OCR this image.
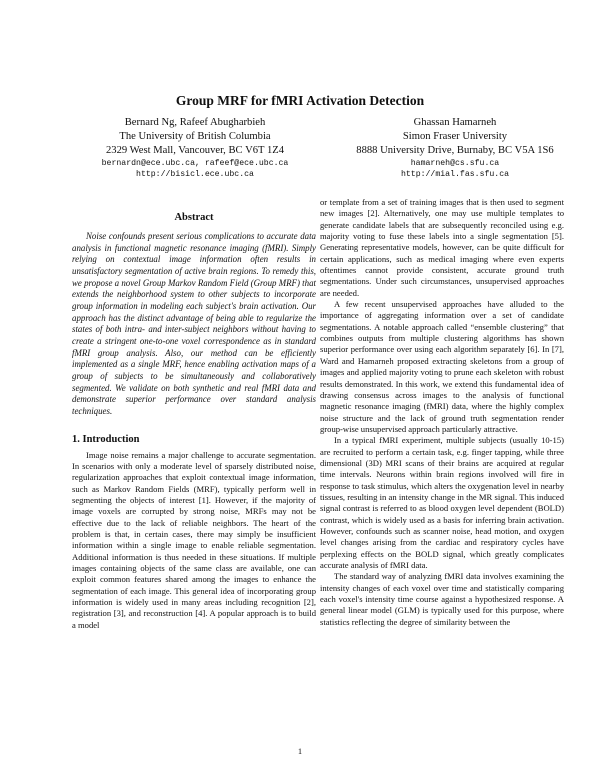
Group MRF for fMRI Activation Detection
Bernard Ng, Rafeef Abugharbieh
The University of British Columbia
2329 West Mall, Vancouver, BC V6T 1Z4
bernardn@ece.ubc.ca, rafeef@ece.ubc.ca
http://bisicl.ece.ubc.ca
Ghassan Hamarneh
Simon Fraser University
8888 University Drive, Burnaby, BC V5A 1S6
hamarneh@cs.sfu.ca
http://mial.fas.sfu.ca
Abstract

Noise confounds present serious complications to accurate data analysis in functional magnetic resonance imaging (fMRI). Simply relying on contextual image information often results in unsatisfactory segmentation of active brain regions. To remedy this, we propose a novel Group Markov Random Field (Group MRF) that extends the neighborhood system to other subjects to incorporate group information in modeling each subject's brain activation. Our approach has the distinct advantage of being able to regularize the states of both intra- and inter-subject neighbors without having to create a stringent one-to-one voxel correspondence as in standard fMRI group analysis. Also, our method can be efficiently implemented as a single MRF, hence enabling activation maps of a group of subjects to be simultaneously and collaboratively segmented. We validate on both synthetic and real fMRI data and demonstrate superior performance over standard analysis techniques.

1. Introduction

Image noise remains a major challenge to accurate segmentation. In scenarios with only a moderate level of sparsely distributed noise, regularization approaches that exploit contextual image information, such as Markov Random Fields (MRF), typically perform well in segmenting the objects of interest [1]. However, if the majority of image voxels are corrupted by strong noise, MRFs may not be effective due to the lack of reliable neighbors. The heart of the problem is that, in certain cases, there may simply be insufficient information within a single image to enable reliable segmentation. Additional information is thus needed in these situations. If multiple images containing objects of the same class are available, one can exploit common features shared among the images to enhance the segmentation of each image. This general idea of incorporating group information is widely used in many areas including recognition [2], registration [3], and reconstruction [4]. A popular approach is to build a model

or template from a set of training images that is then used to segment new images [2]. Alternatively, one may use multiple templates to generate candidate labels that are subsequently reconciled using e.g. majority voting to fuse these labels into a single segmentation [5]. Generating representative models, however, can be quite difficult for certain applications, such as medical imaging where even experts oftentimes cannot provide consistent, accurate ground truth segmentations. Under such circumstances, unsupervised approaches are needed.

A few recent unsupervised approaches have alluded to the importance of aggregating information over a set of candidate segmentations. A notable approach called “ensemble clustering” that combines outputs from multiple clustering algorithms has shown superior performance over using each algorithm separately [6]. In [7], Ward and Hamarneh proposed extracting skeletons from a group of images and applied majority voting to prune each skeleton with robust results demonstrated. In this work, we extend this fundamental idea of drawing consensus across images to the analysis of functional magnetic resonance imaging (fMRI) data, where the highly complex noise structure and the lack of ground truth segmentation render group-wise unsupervised approach particularly attractive.

In a typical fMRI experiment, multiple subjects (usually 10-15) are recruited to perform a certain task, e.g. finger tapping, while three dimensional (3D) MRI scans of their brains are acquired at regular time intervals. Neurons within brain regions involved will fire in response to task stimulus, which alters the oxygenation level in nearby tissues, resulting in an intensity change in the MR signal. This induced signal contrast is referred to as blood oxygen level dependent (BOLD) contrast, which is widely used as a basis for inferring brain activation. However, confounds such as scanner noise, head motion, and oxygen level changes arising from the cardiac and respiratory cycles have perplexing effects on the BOLD signal, which greatly complicates accurate analysis of fMRI data.

The standard way of analyzing fMRI data involves examining the intensity changes of each voxel over time and statistically comparing each voxel's intensity time course against a hypothesized response. A general linear model (GLM) is typically used for this purpose, where statistics reflecting the degree of similarity between the

1
